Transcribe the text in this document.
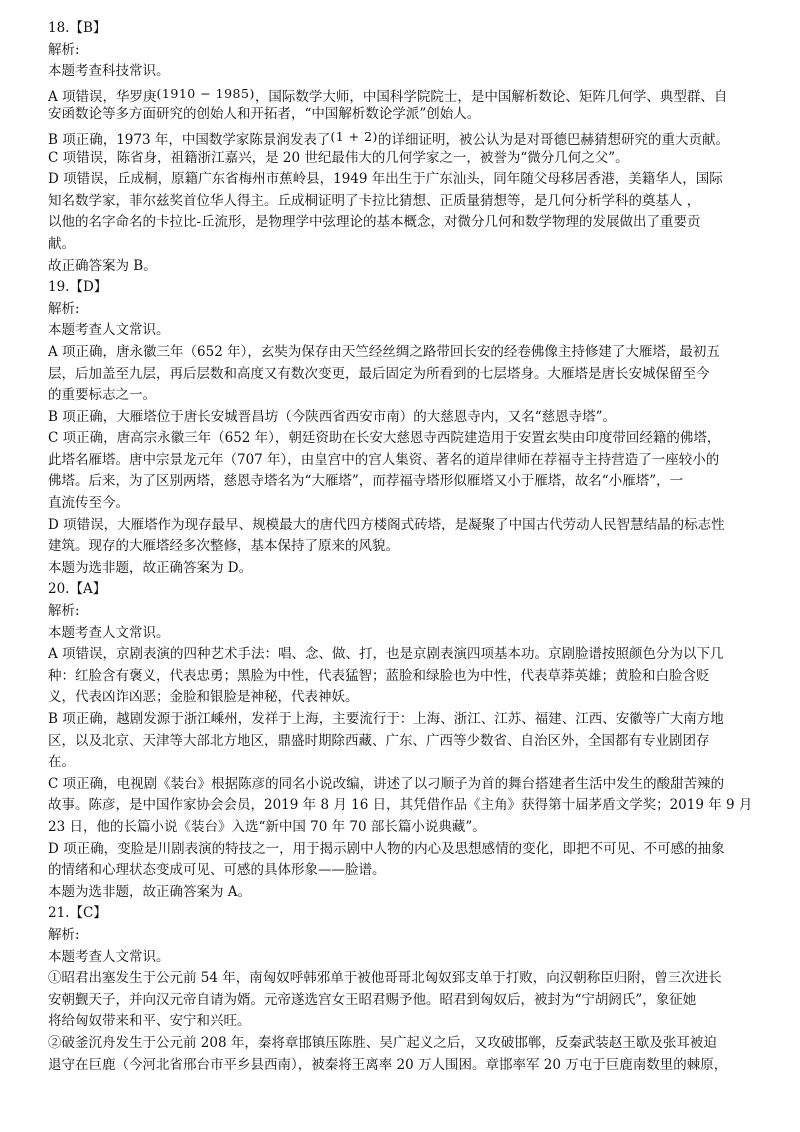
18.【B】
解析:
本题考查科技常识。
A 项错误，华罗庚(1910 − 1985)，国际数学大师，中国科学院院士，是中国解析数论、矩阵几何学、典型群、自
安函数论等多方面研究的创始人和开拓者，“中国解析数论学派”创始人。
B 项正确，1973 年，中国数学家陈景润发表了(1 + 2)的详细证明，被公认为是对哥德巴赫猜想研究的重大贡献。
C 项错误，陈省身，祖籍浙江嘉兴，是 20 世纪最伟大的几何学家之一，被誉为“微分几何之父”。
D 项错误，丘成桐，原籍广东省梅州市蕉岭县，1949 年出生于广东汕头，同年随父母移居香港，美籍华人，国际
知名数学家，菲尔兹奖首位华人得主。丘成桐证明了卡拉比猜想、正质量猜想等，是几何分析学科的奠基人 ，
以他的名字命名的卡拉比-丘流形，是物理学中弦理论的基本概念，对微分几何和数学物理的发展做出了重要贡
献。
故正确答案为 B。
19.【D】
解析:
本题考查人文常识。
A 项正确，唐永徽三年（652 年），玄奘为保存由天竺经丝绸之路带回长安的经卷佛像主持修建了大雁塔，最初五
层，后加盖至九层，再后层数和高度又有数次变更，最后固定为所看到的七层塔身。大雁塔是唐长安城保留至今
的重要标志之一。
B 项正确，大雁塔位于唐长安城晋昌坊（今陕西省西安市南）的大慈恩寺内，又名“慈恩寺塔”。
C 项正确，唐高宗永徽三年（652 年），朝廷资助在长安大慈恩寺西院建造用于安置玄奘由印度带回经籍的佛塔，
此塔名雁塔。唐中宗景龙元年（707 年），由皇宫中的宫人集资、著名的道岸律师在荐福寺主持营造了一座较小的
佛塔。后来，为了区别两塔，慈恩寺塔名为“大雁塔”，而荐福寺塔形似雁塔又小于雁塔，故名“小雁塔”，一
直流传至今。
D 项错误，大雁塔作为现存最早、规模最大的唐代四方楼阁式砖塔，是凝聚了中国古代劳动人民智慧结晶的标志性
建筑。现存的大雁塔经多次整修，基本保持了原来的风貌。
本题为选非题，故正确答案为 D。
20.【A】
解析:
本题考查人文常识。
A 项错误，京剧表演的四种艺术手法：唱、念、做、打，也是京剧表演四项基本功。京剧脸谱按照颜色分为以下几
种：红脸含有褒义，代表忠勇；黑脸为中性，代表猛智；蓝脸和绿脸也为中性，代表草莽英雄；黄脸和白脸含贬
义，代表凶诈凶恶；金脸和银脸是神秘，代表神妖。
B 项正确，越剧发源于浙江嵊州，发祥于上海，主要流行于：上海、浙江、江苏、福建、江西、安徽等广大南方地
区，以及北京、天津等大部北方地区，鼎盛时期除西藏、广东、广西等少数省、自治区外，全国都有专业剧团存
在。
C 项正确，电视剧《装台》根据陈彦的同名小说改编，讲述了以刁顺子为首的舞台搭建者生活中发生的酸甜苦辣的
故事。陈彦，是中国作家协会会员，2019 年 8 月 16 日，其凭借作品《主角》获得第十届茅盾文学奖；2019 年 9 月
23 日，他的长篇小说《装台》入选“新中国 70 年 70 部长篇小说典藏”。
D 项正确，变脸是川剧表演的特技之一，用于揭示剧中人物的内心及思想感情的变化，即把不可见、不可感的抽象
的情绪和心理状态变成可见、可感的具体形象——脸谱。
本题为选非题，故正确答案为 A。
21.【C】
解析:
本题考查人文常识。
①昭君出塞发生于公元前 54 年，南匈奴呼韩邪单于被他哥哥北匈奴郅支单于打败，向汉朝称臣归附，曾三次进长
安朝觐天子，并向汉元帝自请为婿。元帝遂选宫女王昭君赐予他。昭君到匈奴后，被封为“宁胡阏氏”，象征她
将给匈奴带来和平、安宁和兴旺。
②破釜沉舟发生于公元前 208 年，秦将章邯镇压陈胜、吴广起义之后，又攻破邯郸，反秦武装赵王歇及张耳被迫
退守在巨鹿（今河北省邢台市平乡县西南），被秦将王离率 20 万人围困。章邯率军 20 万屯于巨鹿南数里的棘原，
